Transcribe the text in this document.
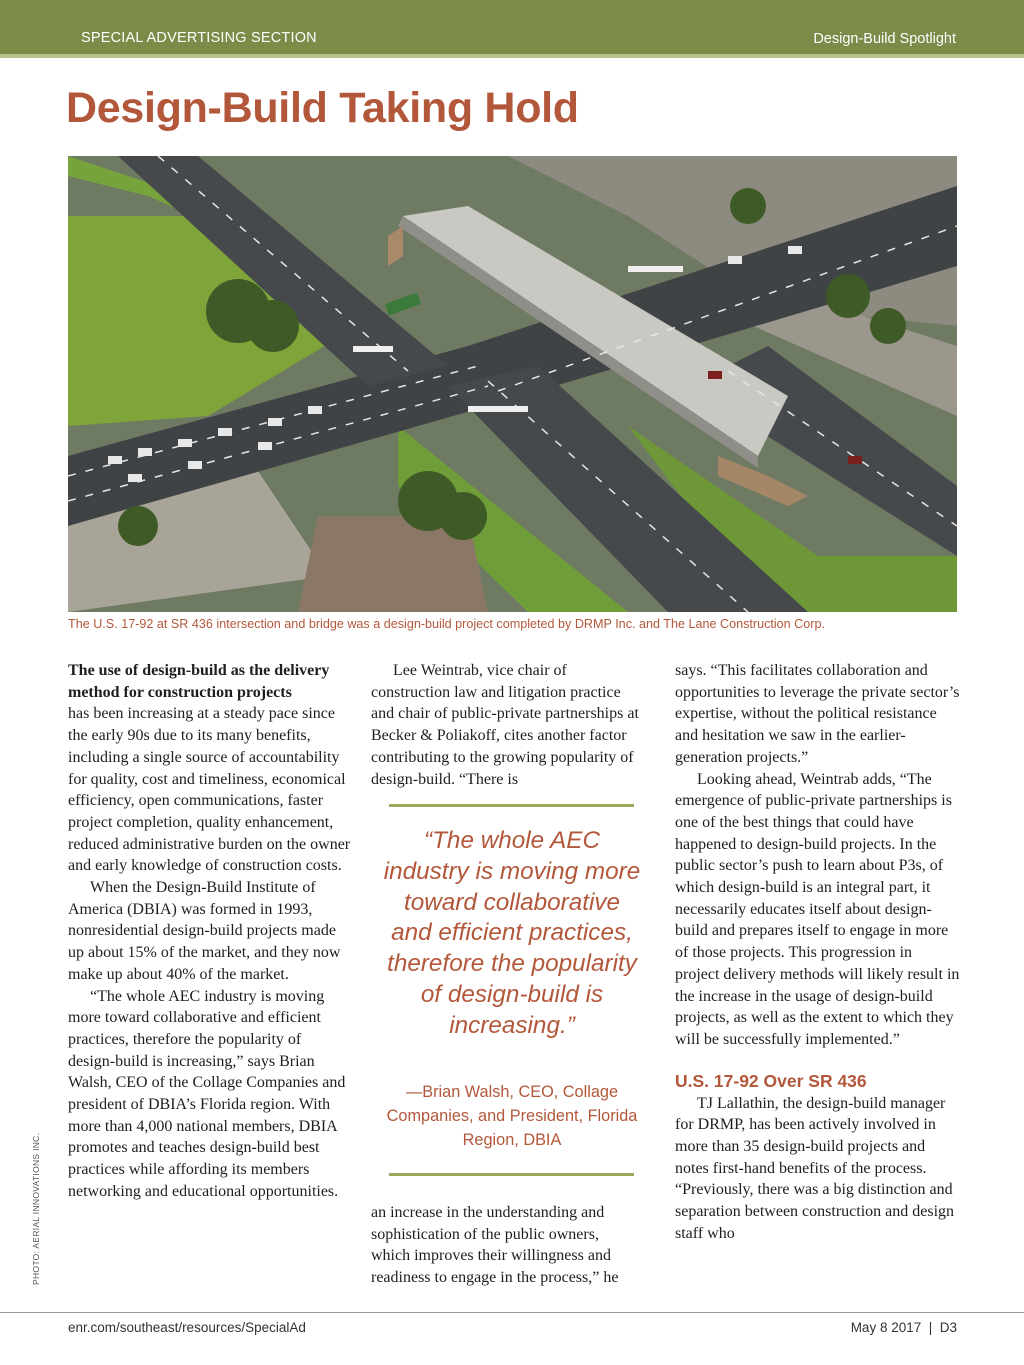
SPECIAL ADVERTISING SECTION	Design-Build Spotlight
Design-Build Taking Hold
The U.S. 17-92 at SR 436 intersection and bridge was a design-build project completed by DRMP Inc. and The Lane Construction Corp.
PHOTO: AERIAL INNOVATIONS INC.

The use of design-build as the delivery method for construction projects
has been increasing at a steady pace since the early 90s due to its many benefits, including a single source of accountability for quality, cost and timeliness, economical efficiency, open communications, faster project completion, quality enhancement, reduced administrative burden on the owner and early knowledge of construction costs.

When the Design-Build Institute of America (DBIA) was formed in 1993, nonresidential design-build projects made up about 15% of the market, and they now make up about 40% of the market.

“The whole AEC industry is moving more toward collaborative and efficient practices, therefore the popularity of design-build is increasing,” says Brian Walsh, CEO of the Collage Companies and president of DBIA’s Florida region. With more than 4,000 national members, DBIA promotes and teaches design-build best practices while affording its members networking and educational opportunities.

Lee Weintrab, vice chair of construction law and litigation practice and chair of public-private partnerships at Becker & Poliakoff, cites another factor contributing to the growing popularity of design-build. “There is

“The whole AEC industry is moving more toward collaborative and efficient practices, therefore the popularity of design-build is increasing.”
—Brian Walsh, CEO, Collage Companies, and President, Florida Region, DBIA

an increase in the understanding and sophistication of the public owners, which improves their willingness and readiness to engage in the process,” he

says. “This facilitates collaboration and opportunities to leverage the private sector’s expertise, without the political resistance and hesitation we saw in the earlier-generation projects.”

Looking ahead, Weintrab adds, “The emergence of public-private partnerships is one of the best things that could have happened to design-build projects. In the public sector’s push to learn about P3s, of which design-build is an integral part, it necessarily educates itself about design-build and prepares itself to engage in more of those projects. This progression in project delivery methods will likely result in the increase in the usage of design-build projects, as well as the extent to which they will be successfully implemented.”

U.S. 17-92 Over SR 436

TJ Lallathin, the design-build manager for DRMP, has been actively involved in more than 35 design-build projects and notes first-hand benefits of the process. “Previously, there was a big distinction and separation between construction and design staff who

enr.com/southeast/resources/SpecialAd	May 8 2017  |  D3
